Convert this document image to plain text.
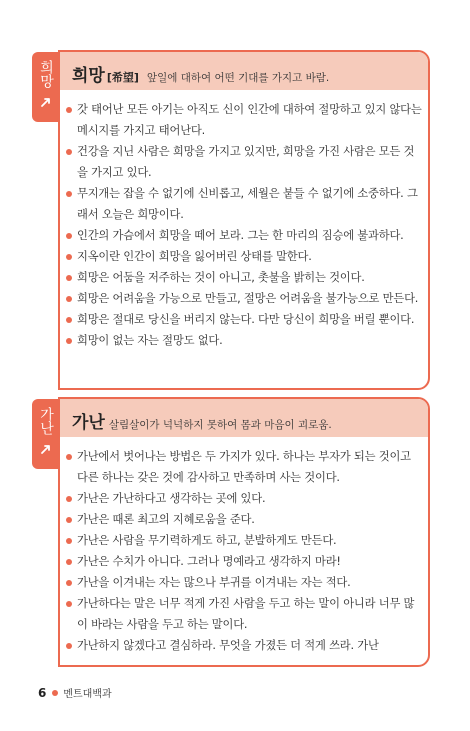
희망 희망 [希望] 앞일에 대하여 어떤 기대를 가지고 바람.
갓 태어난 모든 아기는 아직도 신이 인간에 대하여 절망하고 있지 않다는 메시지를 가지고 태어난다.
건강을 지닌 사람은 희망을 가지고 있지만, 희망을 가진 사람은 모든 것을 가지고 있다.
무지개는 잡을 수 없기에 신비롭고, 세월은 붙들 수 없기에 소중하다. 그래서 오늘은 희망이다.
인간의 가슴에서 희망을 떼어 보라. 그는 한 마리의 짐승에 불과하다.
지옥이란 인간이 희망을 잃어버린 상태를 말한다.
희망은 어둠을 저주하는 것이 아니고, 촛불을 밝히는 것이다.
희망은 어려움을 가능으로 만들고, 절망은 어려움을 불가능으로 만든다.
희망은 절대로 당신을 버리지 않는다. 다만 당신이 희망을 버릴 뿐이다.
희망이 없는 자는 절망도 없다.
가난 가난 살림살이가 넉넉하지 못하여 몸과 마음이 괴로움.
가난에서 벗어나는 방법은 두 가지가 있다. 하나는 부자가 되는 것이고 다른 하나는 갖은 것에 감사하고 만족하며 사는 것이다.
가난은 가난하다고 생각하는 곳에 있다.
가난은 때론 최고의 지혜로움을 준다.
가난은 사람을 무기력하게도 하고, 분발하게도 만든다.
가난은 수치가 아니다. 그러나 명예라고 생각하지 마라!
가난을 이겨내는 자는 많으나 부귀를 이겨내는 자는 적다.
가난하다는 말은 너무 적게 가진 사람을 두고 하는 말이 아니라 너무 많이 바라는 사람을 두고 하는 말이다.
가난하지 않겠다고 결심하라. 무엇을 가졌든 더 적게 쓰라. 가난
6 멘트대백과
